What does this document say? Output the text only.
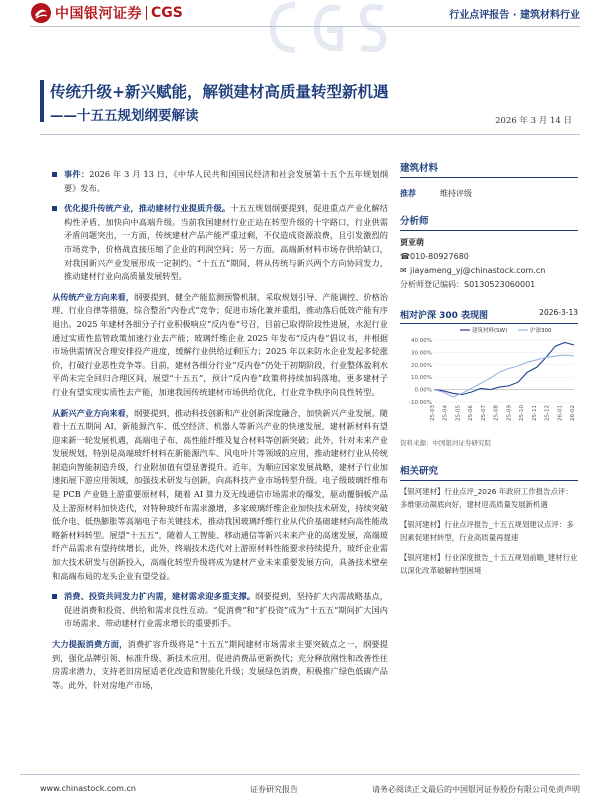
中国银河证券 CGS	行业点评报告 · 建筑材料行业
传统升级+新兴赋能，解锁建材高质量转型新机遇
——十五五规划纲要解读	2026 年 3 月 14 日

事件：2026 年 3 月 13 日，《中华人民共和国国民经济和社会发展第十五个五年规划纲要》发布。

优化提升传统产业，推动建材行业提质升级。十五五规划纲要提到，促进重点产业化解结构性矛盾、加快向中高端升级。当前我国建材行业正站在转型升级的十字路口，行业供需矛盾问题突出，一方面，传统建材产品产能严重过剩，不仅造成资源浪费，且引发激烈的市场竞争，价格战直接压缩了企业的利润空间；另一方面，高端新材料市场存供给缺口，对我国新兴产业发展形成一定制约。“十五五”期间，将从传统与新兴两个方向协同发力，推动建材行业向高质量发展转型。

从传统产业方向来看，纲要提到，健全产能监测预警机制，采取规划引导、产能调控、价格治理、行业自律等措施，综合整治“内卷式”竞争；促进市场化兼并重组，推动落后低效产能有序退出。2025 年建材各细分子行业积极响应“反内卷”号召，目前已取得阶段性进展，水泥行业通过实质性监管政策加速行业去产能；玻璃纤维企业 2025 年发布“反内卷”倡议书，并根据市场供需情况合理安排投产进度，缓解行业供给过剩压力；2025 年以来防水企业发起多轮涨价，打破行业恶性竞争等。目前，建材各细分行业“反内卷”仍处于初期阶段，行业整体盈利水平尚未完全回归合理区间，展望“十五五”，预计“反内卷”政策将持续加码落地，更多建材子行业有望实现实质性去产能，加速我国传统建材市场供给优化，行业竞争秩序向良性转型。

从新兴产业方向来看，纲要提到，推动科技创新和产业创新深度融合，加快新兴产业发展。随着十五五期间 AI、新能源汽车、低空经济、机器人等新兴产业的快速发展，建材新材料有望迎来新一轮发展机遇，高端电子布、高性能纤维及复合材料等创新突破；此外，针对未来产业发展规划，特别是高端玻纤材料在新能源汽车、风电叶片等领域的应用，推动建材行业从传统制造向智能制造升级，行业附加值有望显著提升。近年，为顺应国家发展战略，建材子行业加速拓展下游应用领域，加强技术研发与创新，向高科技产业市场转型升级。电子级玻璃纤维布是 PCB 产业链上游重要原材料，随着 AI 算力及无线通信市场需求的爆发，驱动覆铜板产品及上游原材料加快迭代，对特种玻纤布需求激增，多家玻璃纤维企业加快技术研发，持续突破低介电、低热膨胀等高端电子布关键技术，推动我国玻璃纤维行业从代价基础建材向高性能战略新材料转型。展望“十五五”，随着人工智能、移动通信等新兴未来产业的高速发展，高端玻纤产品需求有望持续增长，此外，终端技术迭代对上游原材料性能要求持续提升，玻纤企业需加大技术研发与创新投入，高端化转型升级将成为建材产业未来重要发展方向，具备技术壁垒和高端布局的龙头企业有望受益。

消费、投资共同发力扩内需，建材需求迎多重支撑。纲要提到，坚持扩大内需战略基点，促进消费和投资、供给和需求良性互动。“促消费”和“扩投资”成为“十五五”期间扩大国内市场需求、带动建材行业需求增长的重要抓手。

大力提振消费方面，消费扩容升级将是“十五五”期间建材市场需求主要突破点之一，纲要提到，强化品牌引领、标准升级、新技术应用，促进消费品更新换代；充分释放刚性和改善性住房需求潜力，支持老旧房屋适老化改造和智能化升级；发展绿色消费，积极推广绿色低碳产品等。此外，针对房地产市场，

建筑材料
推荐	维持评级
分析师
贾亚萌
☎010-80927680
✉ jiayameng_yj@chinastock.com.cn
分析师登记编码：S0130523060001
相对沪深 300 表现图	2026-3-13
-10.00%
0.00%
10.00%
20.00%
30.00%
40.00%
25-03 25-04 25-05 25-06 25-07 25-08 25-09 25-10 25-11 25-12 26-01 26-02
建筑材料(SW)	沪深300
资料来源：中国银河证券研究院
相关研究
【银河建材】行业点评_2026 年政府工作报告点评：多维驱动凝底向好，建材迎高质量发展新机遇
【银河建材】行业点评报告_十五五规划建议点评：多因素促建材转型，行业高质量再提速
【银河建材】行业深度报告_十五五规划前瞻_建材行业以深化改革破解转型困境
www.chinastock.com.cn	证券研究报告	请务必阅读正文最后的中国银河证券股份有限公司免责声明
